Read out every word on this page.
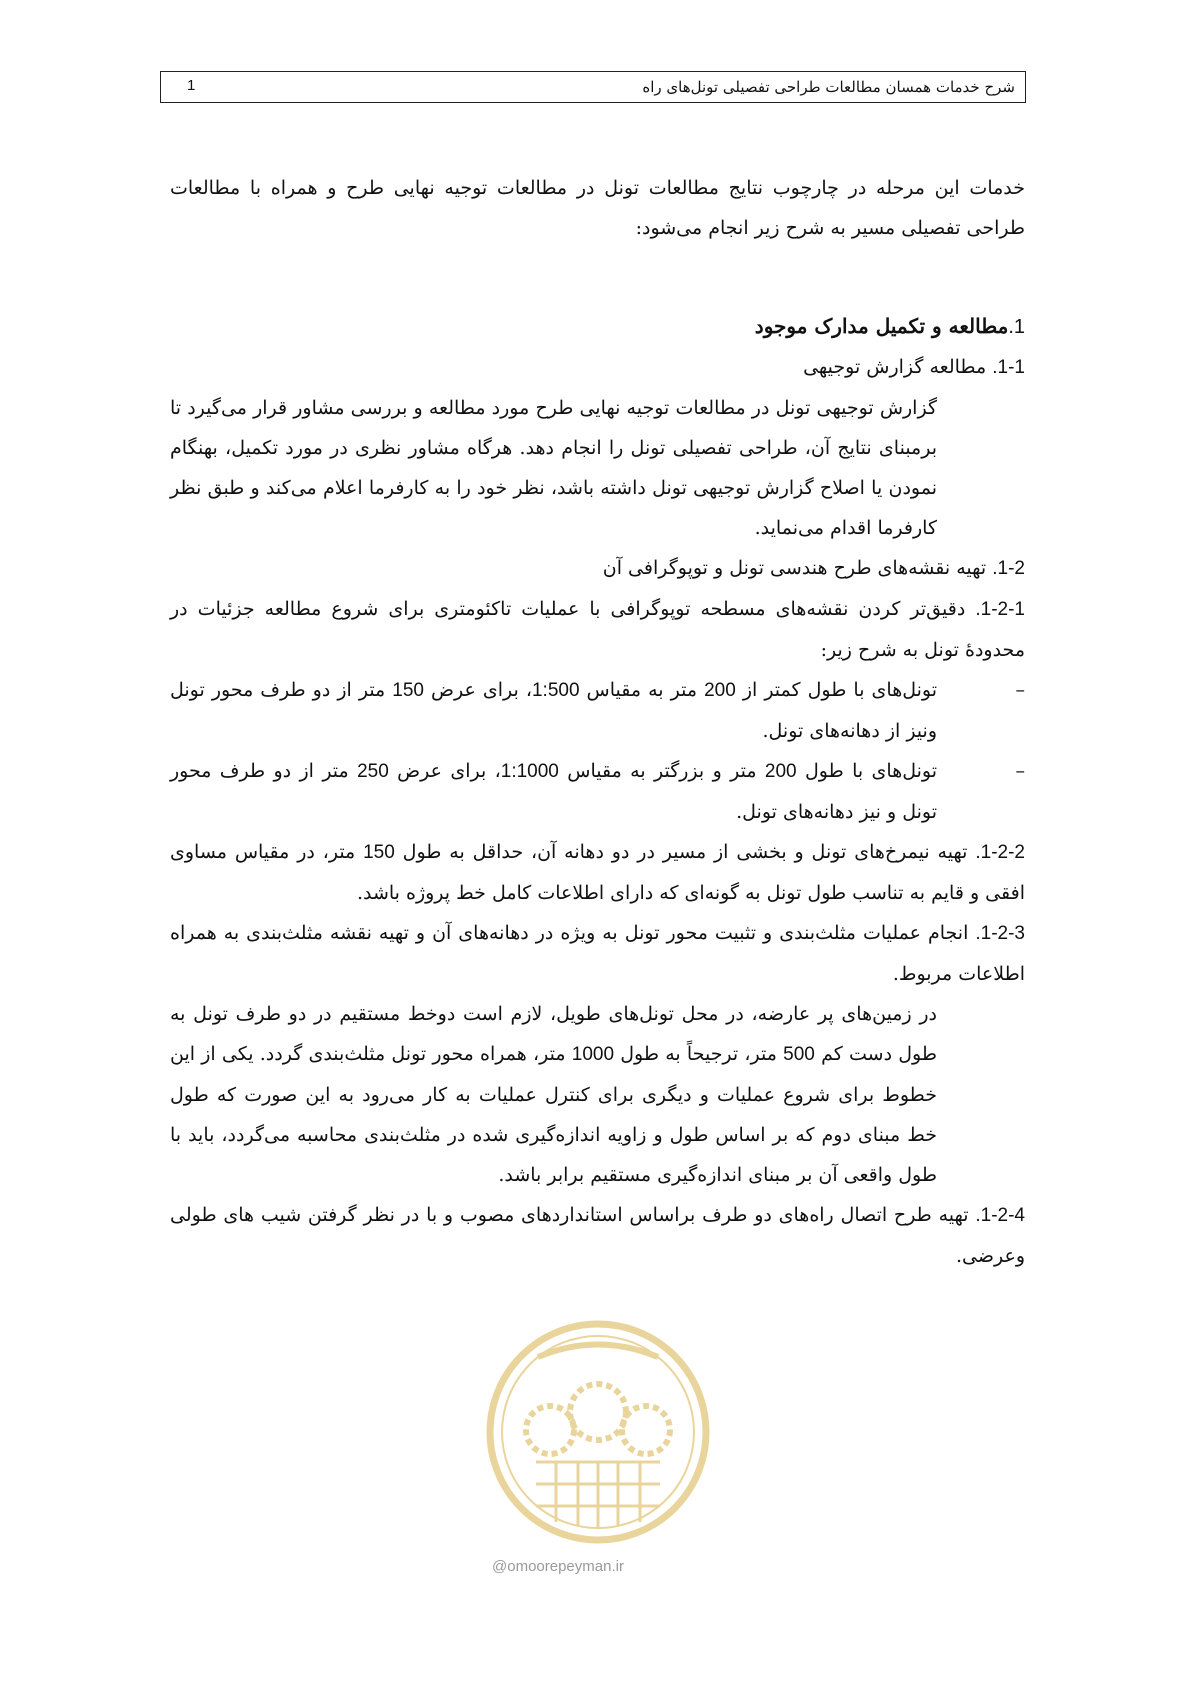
شرح خدمات همسان مطالعات طراحی تفصیلی تونل‌های راه
1

خدمات این مرحله در چارچوب نتایج مطالعات تونل در مطالعات توجیه نهایی طرح و همراه با مطالعات طراحی تفصیلی مسیر به شرح زیر انجام می‌شود:

1.مطالعه و تکمیل مدارک موجود

1-1. مطالعه گزارش توجیهی

گزارش توجیهی تونل در مطالعات توجیه نهایی طرح مورد مطالعه و بررسی مشاور قرار می‌گیرد تا برمبنای نتایج آن، طراحی تفصیلی تونل را انجام دهد. هرگاه مشاور نظری در مورد تکمیل، بهنگام نمودن یا اصلاح گزارش توجیهی تونل داشته باشد، نظر خود را به کارفرما اعلام می‌کند و طبق نظر کارفرما اقدام می‌نماید.

1-2. تهیه نقشه‌های طرح هندسی تونل و توپوگرافی آن

1-2-1. دقیق‌تر کردن نقشه‌های مسطحه توپوگرافی با عملیات تاکئومتری برای شروع مطالعه جزئیات در محدودهٔ تونل به شرح زیر:

–
تونل‌های با طول کمتر از 200 متر به مقیاس 1:500، برای عرض 150 متر از دو طرف محور تونل ونیز از دهانه‌های تونل.

–
تونل‌های با طول 200 متر و بزرگتر به مقیاس 1:1000، برای عرض 250 متر از دو طرف محور تونل و نیز دهانه‌های تونل.

1-2-2. تهیه نیمرخ‌های تونل و بخشی از مسیر در دو دهانه آن، حداقل به طول 150 متر، در مقیاس مساوی افقی و قایم به تناسب طول تونل به گونه‌ای که دارای اطلاعات کامل خط پروژه باشد.

1-2-3. انجام عملیات مثلث‌بندی و تثبیت محور تونل به ویژه در دهانه‌های آن و تهیه نقشه مثلث‌بندی به همراه اطلاعات مربوط.

در زمین‌های پر عارضه، در محل تونل‌های طویل، لازم است دوخط مستقیم در دو طرف تونل به طول دست کم 500 متر، ترجیحاً به طول 1000 متر، همراه محور تونل مثلث‌بندی گردد. یکی از این خطوط برای شروع عملیات و دیگری برای کنترل عملیات به کار می‌رود به این صورت که طول خط مبنای دوم که بر اساس طول و زاویه اندازه‌گیری شده در مثلث‌بندی محاسبه می‌گردد، باید با طول واقعی آن بر مبنای اندازه‌گیری مستقیم برابر باشد.

1-2-4. تهیه طرح اتصال راه‌های دو طرف براساس استانداردهای مصوب و با در نظر گرفتن شیب های طولی وعرضی.

@omoorepeyman.ir
